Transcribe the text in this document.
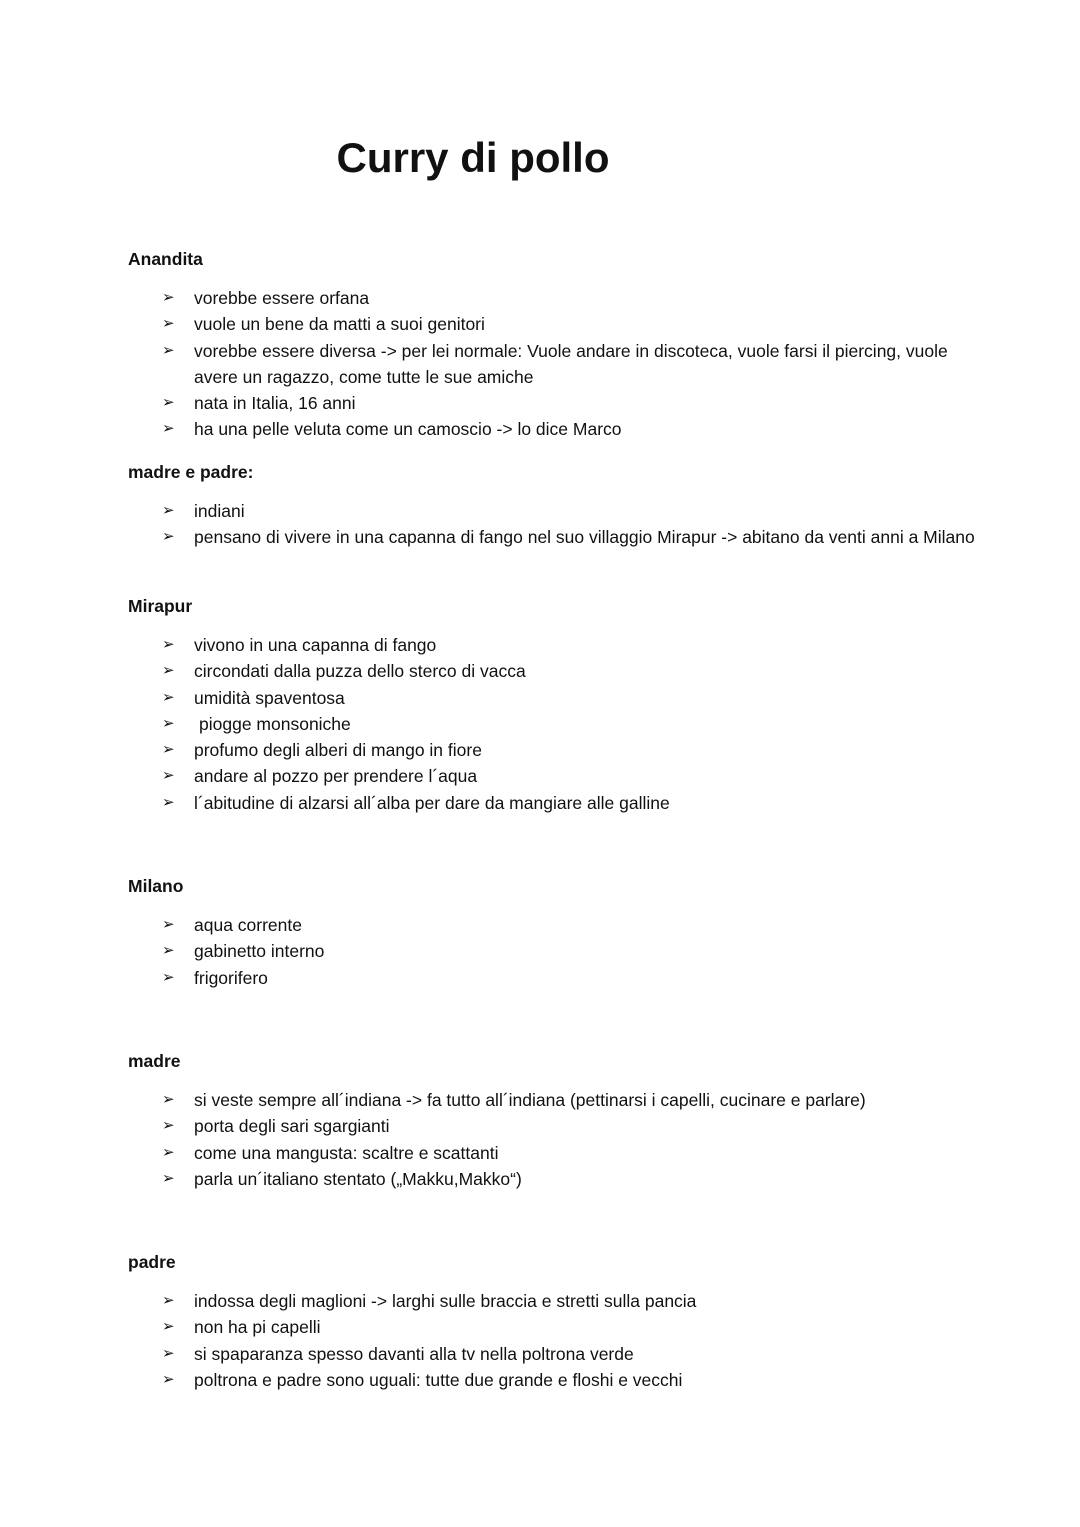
Curry di pollo
Anandita
➢ vorebbe essere orfana
➢ vuole un bene da matti a suoi genitori
➢ vorebbe essere diversa -> per lei normale: Vuole andare in discoteca, vuole farsi il piercing, vuole avere un ragazzo, come tutte le sue amiche
➢ nata in Italia, 16 anni
➢ ha una pelle veluta come un camoscio -> lo dice Marco
madre e padre:
➢ indiani
➢ pensano di vivere in una capanna di fango nel suo villaggio Mirapur -> abitano da venti anni a Milano
Mirapur
➢ vivono in una capanna di fango
➢ circondati dalla puzza dello sterco di vacca
➢ umidità spaventosa
➢ piogge monsoniche
➢ profumo degli alberi di mango in fiore
➢ andare al pozzo per prendere l´aqua
➢ l´abitudine di alzarsi all´alba per dare da mangiare alle galline
Milano
➢ aqua corrente
➢ gabinetto interno
➢ frigorifero
madre
➢ si veste sempre all´indiana -> fa tutto all´indiana (pettinarsi i capelli, cucinare e parlare)
➢ porta degli sari sgargianti
➢ come una mangusta: scaltre e scattanti
➢ parla un´italiano stentato („Makku,Makko“)
padre
➢ indossa degli maglioni -> larghi sulle braccia e stretti sulla pancia
➢ non ha pi capelli
➢ si spaparanza spesso davanti alla tv nella poltrona verde
➢ poltrona e padre sono uguali: tutte due grande e floshi e vecchi
